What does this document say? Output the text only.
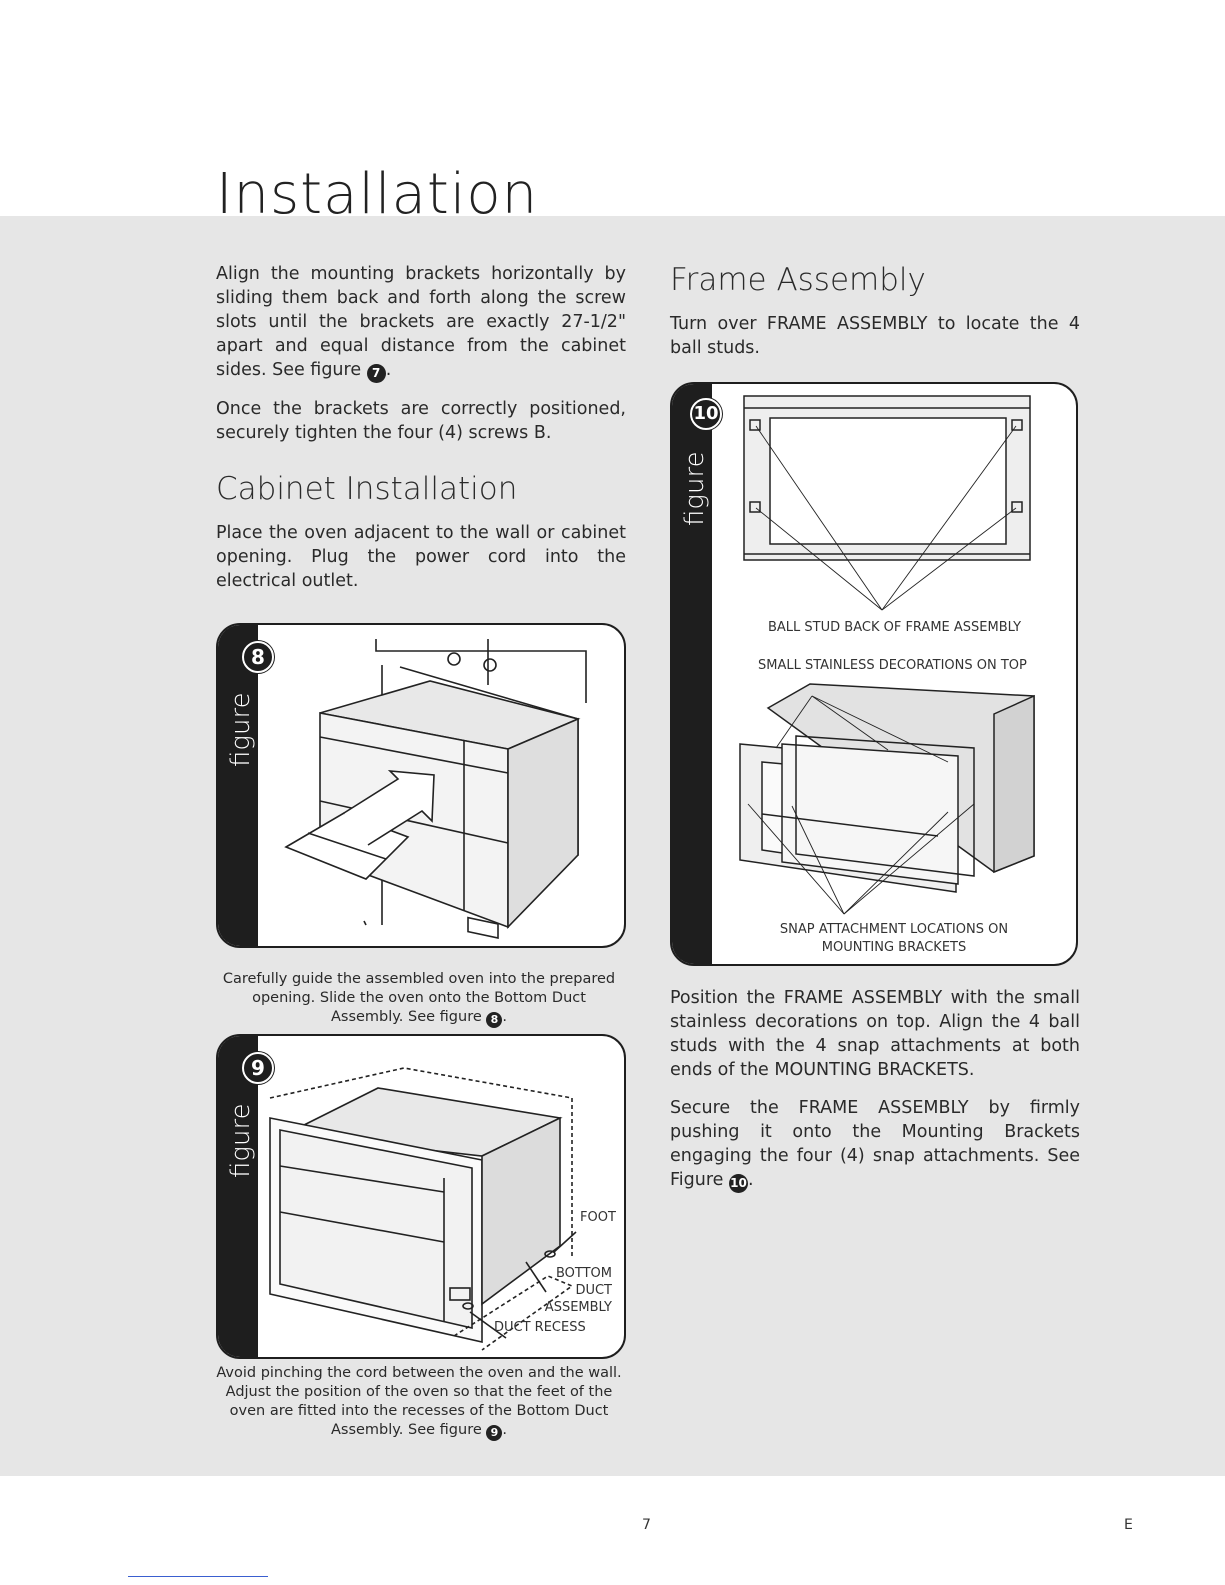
Installation

Align the mounting brackets horizontally by sliding them back and forth along the screw slots until the brackets are exactly 27-1/2" apart and equal distance from the cabinet sides. See figure 7 .

Once the brackets are correctly positioned, securely tighten the four (4) screws B.

Cabinet Installation

Place the oven adjacent to the wall or cabinet opening. Plug the power cord into the electrical outlet.

figure
8
Carefully guide the assembled oven into the prepared opening. Slide the oven onto the Bottom Duct Assembly. See figure 8 .
figure
9
FOOT
BOTTOM
DUCT
ASSEMBLY
DUCT RECESS
Avoid pinching the cord between the oven and the wall. Adjust the position of the oven so that the feet of the oven are fitted into the recesses of the Bottom Duct Assembly. See figure 9 .
Frame Assembly

Turn over FRAME ASSEMBLY to locate the 4 ball studs.

figure
10
BALL STUD BACK OF FRAME ASSEMBLY
SMALL STAINLESS DECORATIONS ON TOP
SNAP ATTACHMENT LOCATIONS ON
MOUNTING BRACKETS

Position the FRAME ASSEMBLY with the small stainless decorations on top. Align the 4 ball studs with the 4 snap attachments at both ends of the MOUNTING BRACKETS.

Secure the FRAME ASSEMBLY by firmly pushing it onto the Mounting Brackets engaging the four (4) snap attachments. See Figure 10.

7	E
